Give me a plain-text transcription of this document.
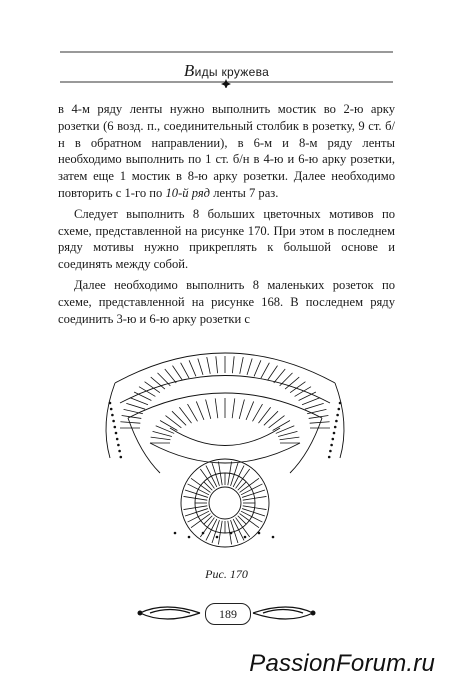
Виды кружева

в 4-м ряду ленты нужно выполнить мостик во 2-ю арку розетки (6 возд. п., соединительный столбик в розетку, 9 ст. б/н в обратном направлении), в 6-м и 8-м ряду ленты необходимо выполнить по 1 ст. б/н в 4-ю и 6-ю арку розетки, затем еще 1 мостик в 8-ю арку розетки. Далее необходимо повторить с 1-го по 10-й ряд ленты 7 раз.

Следует выполнить 8 больших цветочных мотивов по схеме, представленной на рисунке 170. При этом в последнем ряду мотивы нужно прикреплять к большой основе и соединять между собой.

Далее необходимо выполнить 8 маленьких розеток по схеме, представленной на рисунке 168. В последнем ряду соединить 3-ю и 6-ю арку розетки с

Рис. 170
189
PassionForum.ru
